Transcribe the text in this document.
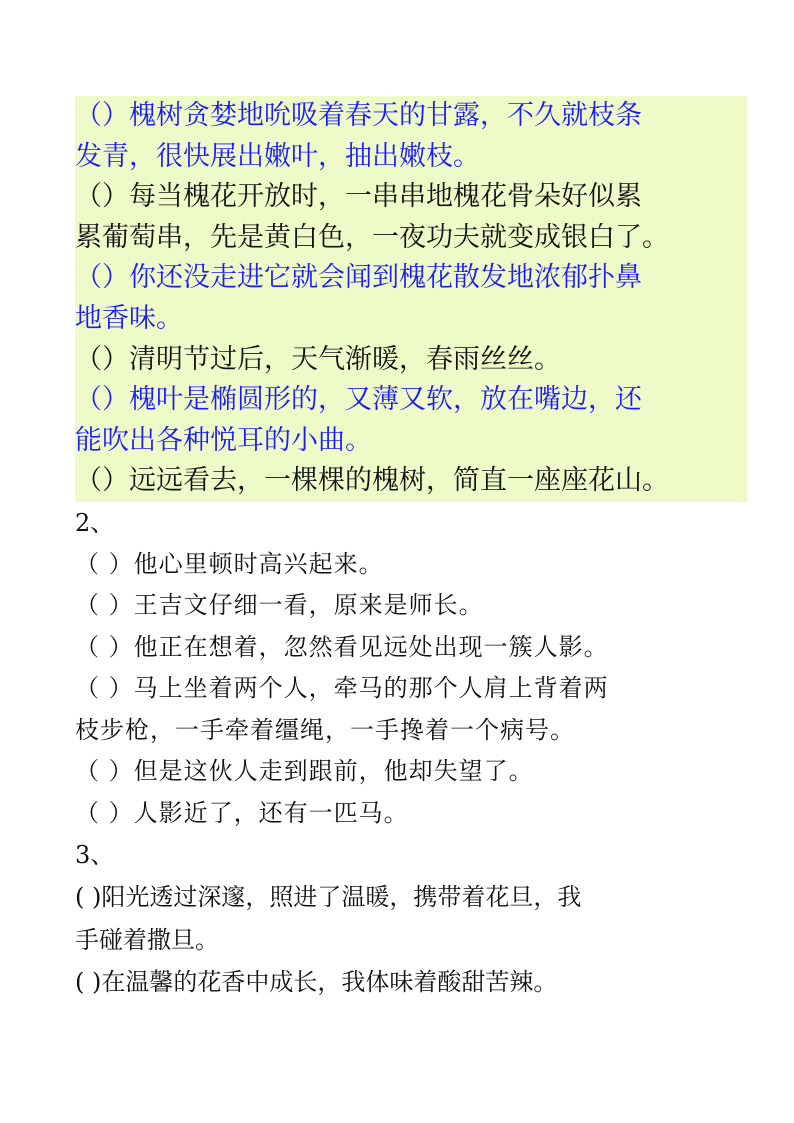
（）槐树贪婪地吮吸着春天的甘露，不久就枝条
发青，很快展出嫩叶，抽出嫩枝。
（）每当槐花开放时，一串串地槐花骨朵好似累
累葡萄串，先是黄白色，一夜功夫就变成银白了。
（）你还没走进它就会闻到槐花散发地浓郁扑鼻
地香味。
（）清明节过后，天气渐暖，春雨丝丝。
（）槐叶是椭圆形的，又薄又软，放在嘴边，还
能吹出各种悦耳的小曲。
（）远远看去，一棵棵的槐树，简直一座座花山。
2、
（ ）他心里顿时高兴起来。
（ ）王吉文仔细一看，原来是师长。
（ ）他正在想着，忽然看见远处出现一簇人影。
（ ）马上坐着两个人，牵马的那个人肩上背着两
枝步枪，一手牵着缰绳，一手搀着一个病号。
（ ）但是这伙人走到跟前，他却失望了。
（ ）人影近了，还有一匹马。
3、
( )阳光透过深邃，照进了温暖，携带着花旦，我
手碰着撒旦。
( )在温馨的花香中成长，我体味着酸甜苦辣。
